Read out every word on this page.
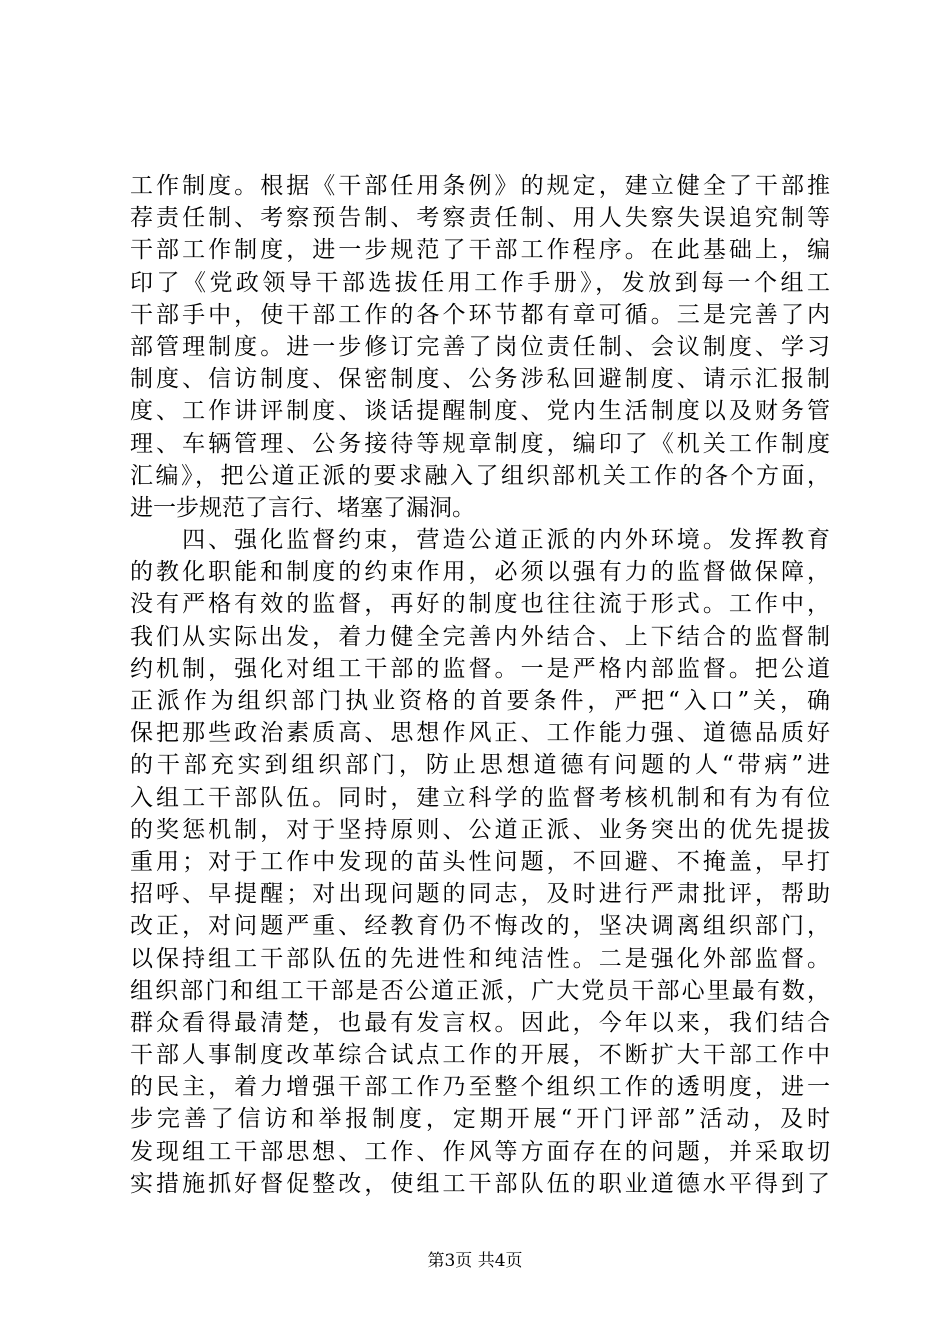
工作制度。根据《干部任用条例》的规定，建立健全了干部推
荐责任制、考察预告制、考察责任制、用人失察失误追究制等
干部工作制度，进一步规范了干部工作程序。在此基础上，编
印了《党政领导干部选拔任用工作手册》，发放到每一个组工
干部手中，使干部工作的各个环节都有章可循。三是完善了内
部管理制度。进一步修订完善了岗位责任制、会议制度、学习
制度、信访制度、保密制度、公务涉私回避制度、请示汇报制
度、工作讲评制度、谈话提醒制度、党内生活制度以及财务管
理、车辆管理、公务接待等规章制度，编印了《机关工作制度
汇编》，把公道正派的要求融入了组织部机关工作的各个方面，
进一步规范了言行、堵塞了漏洞。
　　四、强化监督约束，营造公道正派的内外环境。发挥教育
的教化职能和制度的约束作用，必须以强有力的监督做保障，
没有严格有效的监督，再好的制度也往往流于形式。工作中，
我们从实际出发，着力健全完善内外结合、上下结合的监督制
约机制，强化对组工干部的监督。一是严格内部监督。把公道
正派作为组织部门执业资格的首要条件，严把“入口”关，确
保把那些政治素质高、思想作风正、工作能力强、道德品质好
的干部充实到组织部门，防止思想道德有问题的人“带病”进
入组工干部队伍。同时，建立科学的监督考核机制和有为有位
的奖惩机制，对于坚持原则、公道正派、业务突出的优先提拔
重用；对于工作中发现的苗头性问题，不回避、不掩盖，早打
招呼、早提醒；对出现问题的同志，及时进行严肃批评，帮助
改正，对问题严重、经教育仍不悔改的，坚决调离组织部门，
以保持组工干部队伍的先进性和纯洁性。二是强化外部监督。
组织部门和组工干部是否公道正派，广大党员干部心里最有数，
群众看得最清楚，也最有发言权。因此，今年以来，我们结合
干部人事制度改革综合试点工作的开展，不断扩大干部工作中
的民主，着力增强干部工作乃至整个组织工作的透明度，进一
步完善了信访和举报制度，定期开展“开门评部”活动，及时
发现组工干部思想、工作、作风等方面存在的问题，并采取切
实措施抓好督促整改，使组工干部队伍的职业道德水平得到了
第3页 共4页
